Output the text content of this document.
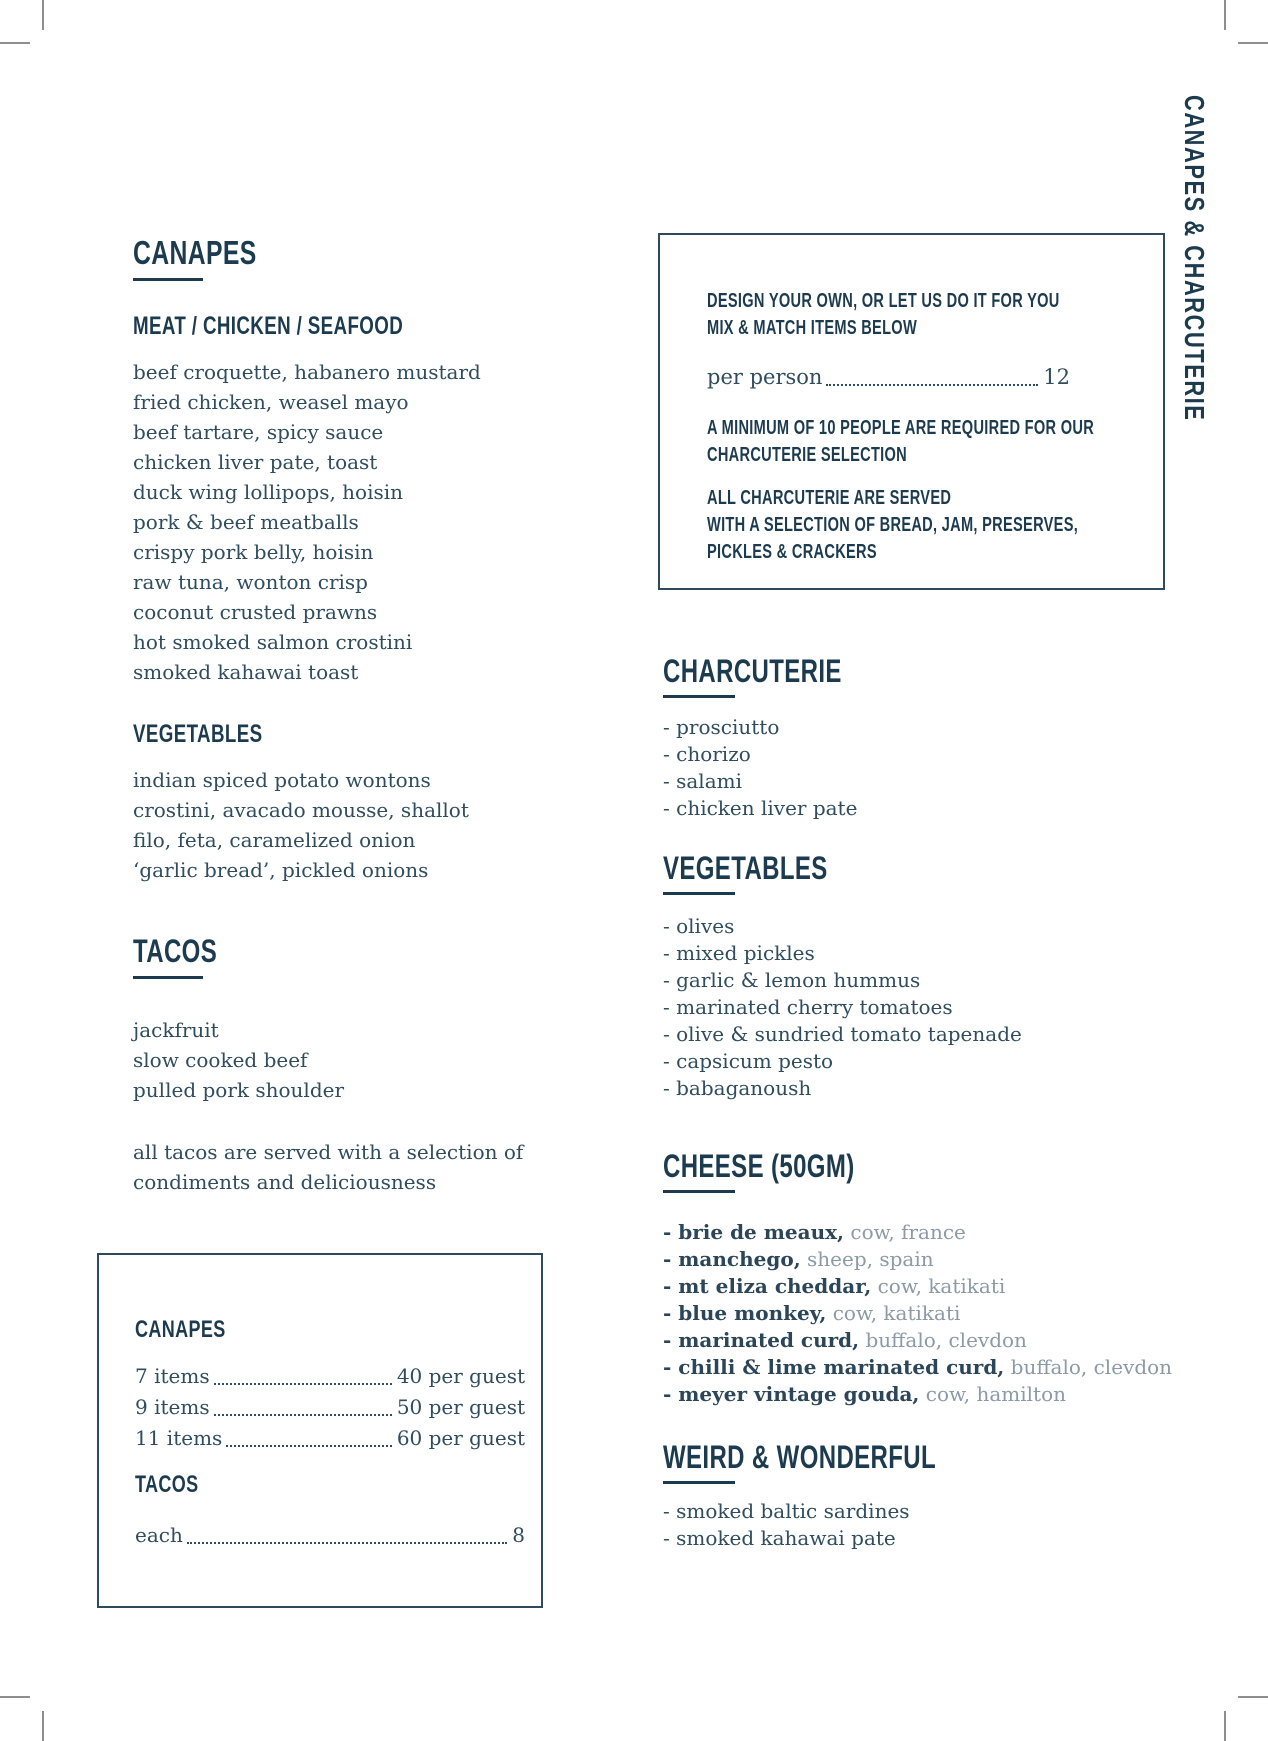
CANAPES & CHARCUTERIE
CANAPES
MEAT / CHICKEN / SEAFOOD
beef croquette, habanero mustard
fried chicken, weasel mayo
beef tartare, spicy sauce
chicken liver pate, toast
duck wing lollipops, hoisin
pork & beef meatballs
crispy pork belly, hoisin
raw tuna, wonton crisp
coconut crusted prawns
hot smoked salmon crostini
smoked kahawai toast
VEGETABLES
indian spiced potato wontons
crostini, avacado mousse, shallot
filo, feta, caramelized onion
‘garlic bread’, pickled onions
TACOS
jackfruit
slow cooked beef
pulled pork shoulder
all tacos are served with a selection of
condiments and deliciousness
CANAPES
7 items	40 per guest
9 items	50 per guest
11 items	60 per guest
TACOS
each	8
DESIGN YOUR OWN, OR LET US DO IT FOR YOU
MIX & MATCH ITEMS BELOW
per person	12
A MINIMUM OF 10 PEOPLE ARE REQUIRED FOR OUR
CHARCUTERIE SELECTION
ALL CHARCUTERIE ARE SERVED
WITH A SELECTION OF BREAD, JAM, PRESERVES,
PICKLES & CRACKERS
CHARCUTERIE
- prosciutto
- chorizo
- salami
- chicken liver pate
VEGETABLES
- olives
- mixed pickles
- garlic & lemon hummus
- marinated cherry tomatoes
- olive & sundried tomato tapenade
- capsicum pesto
- babaganoush
CHEESE (50GM)
- brie de meaux, cow, france
- manchego, sheep, spain
- mt eliza cheddar, cow, katikati
- blue monkey, cow, katikati
- marinated curd, buffalo, clevdon
- chilli & lime marinated curd, buffalo, clevdon
- meyer vintage gouda, cow, hamilton
WEIRD & WONDERFUL
- smoked baltic sardines
- smoked kahawai pate
